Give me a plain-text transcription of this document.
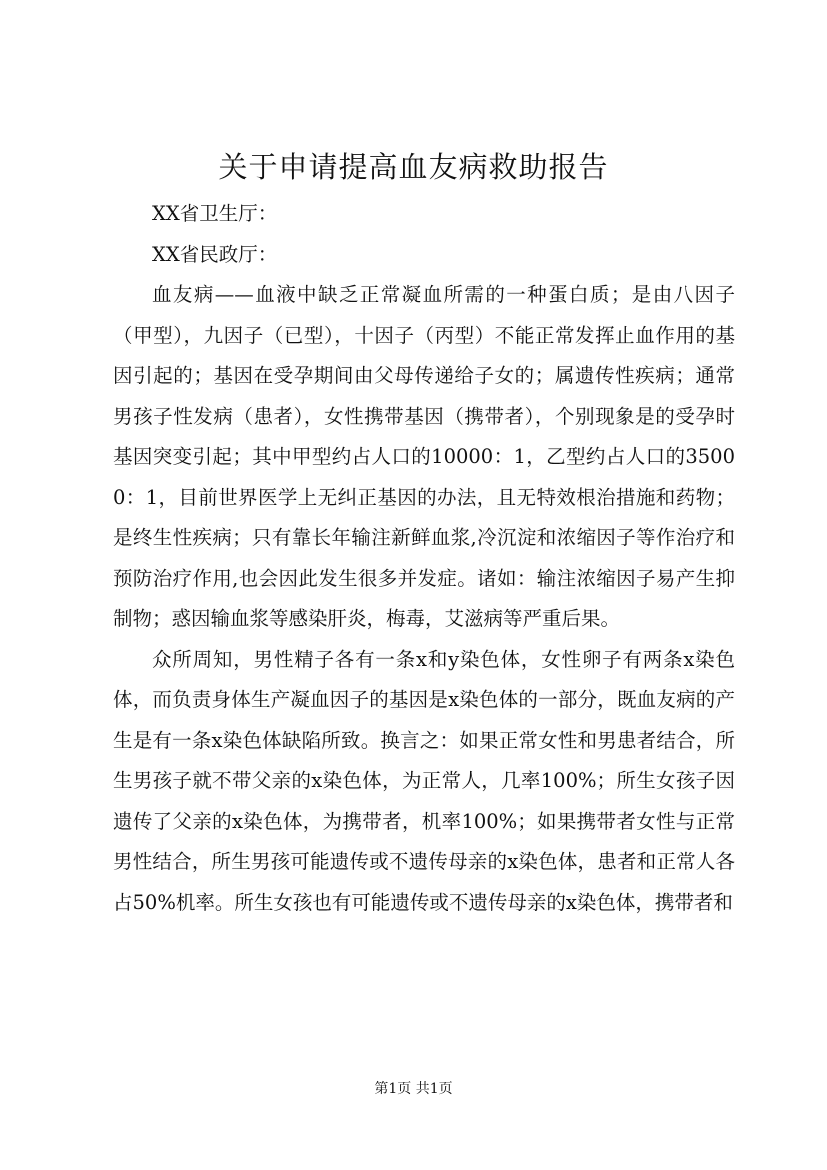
关于申请提高血友病救助报告

XX省卫生厅：

XX省民政厅：

血友病——血液中缺乏正常凝血所需的一种蛋白质；是由八因子（甲型），九因子（已型），十因子（丙型）不能正常发挥止血作用的基因引起的；基因在受孕期间由父母传递给子女的；属遗传性疾病；通常男孩子性发病（患者），女性携带基因（携带者），个别现象是的受孕时基因突变引起；其中甲型约占人口的10000：1，乙型约占人口的35000：1，目前世界医学上无纠正基因的办法，且无特效根治措施和药物；是终生性疾病；只有靠长年输注新鲜血浆,冷沉淀和浓缩因子等作治疗和预防治疗作用,也会因此发生很多并发症。诸如：输注浓缩因子易产生抑制物；惑因输血浆等感染肝炎，梅毒，艾滋病等严重后果。

众所周知，男性精子各有一条x和y染色体，女性卵子有两条x染色体，而负责身体生产凝血因子的基因是x染色体的一部分，既血友病的产生是有一条x染色体缺陷所致。换言之：如果正常女性和男患者结合，所生男孩子就不带父亲的x染色体，为正常人，几率100%；所生女孩子因遗传了父亲的x染色体，为携带者，机率100%；如果携带者女性与正常男性结合，所生男孩可能遗传或不遗传母亲的x染色体，患者和正常人各占50%机率。所生女孩也有可能遗传或不遗传母亲的x染色体，携带者和

第1页 共1页
